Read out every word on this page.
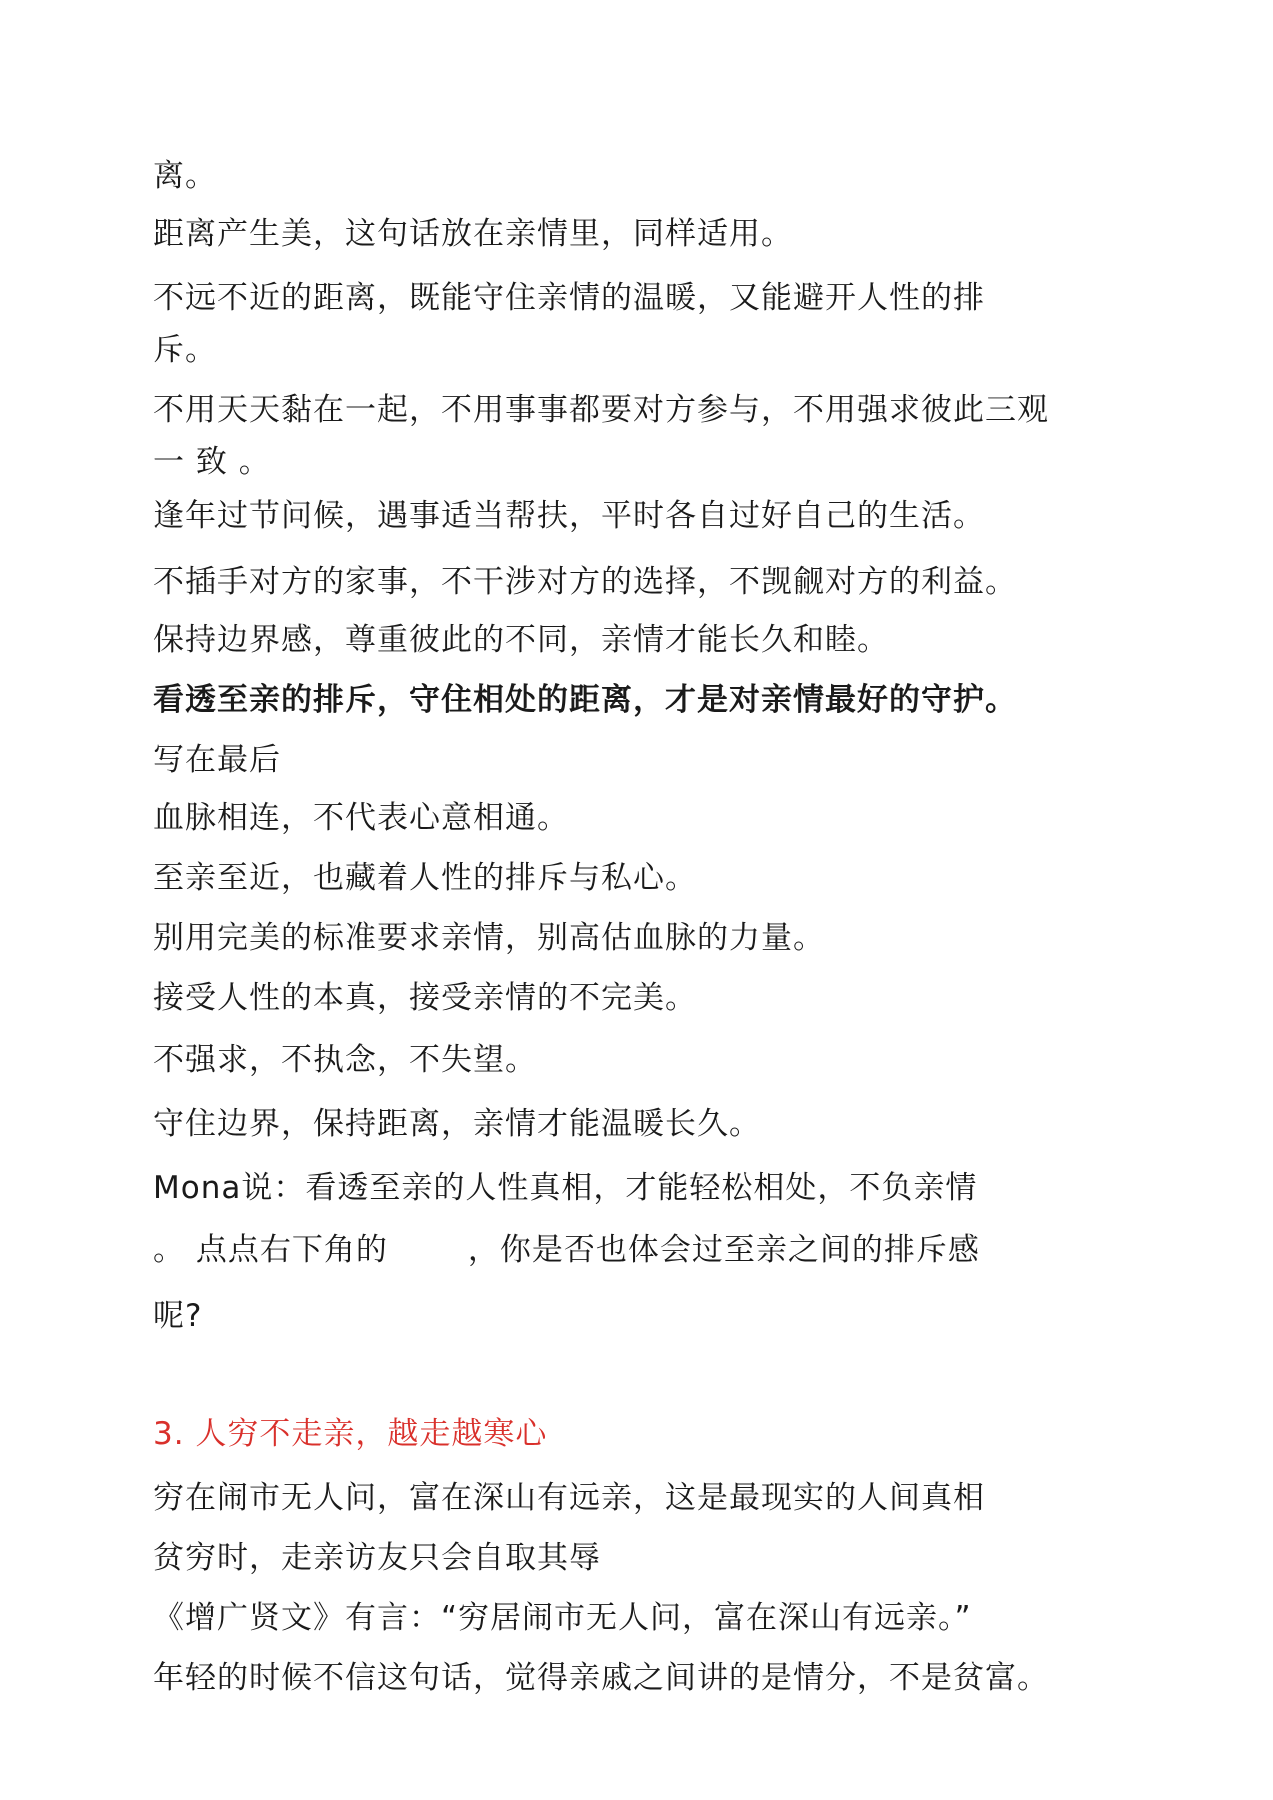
离。
距离产生美，这句话放在亲情里，同样适用。
不远不近的距离，既能守住亲情的温暖，又能避开人性的排
斥。
不用天天黏在一起，不用事事都要对方参与，不用强求彼此三观
一 致 。
逢年过节问候，遇事适当帮扶，平时各自过好自己的生活。
不插手对方的家事，不干涉对方的选择，不觊觎对方的利益。
保持边界感，尊重彼此的不同，亲情才能长久和睦。
看透至亲的排斥，守住相处的距离，才是对亲情最好的守护。
写在最后
血脉相连，不代表心意相通。
至亲至近，也藏着人性的排斥与私心。
别用完美的标准要求亲情，别高估血脉的力量。
接受人性的本真，接受亲情的不完美。
不强求，不执念，不失望。
守住边界，保持距离，亲情才能温暖长久。
Mona说：看透至亲的人性真相，才能轻松相处，不负亲情
。 点点右下角的	，你是否也体会过至亲之间的排斥感
呢?
3. 人穷不走亲，越走越寒心
穷在闹市无人问，富在深山有远亲，这是最现实的人间真相
贫穷时，走亲访友只会自取其辱
《增广贤文》有言：“穷居闹市无人问，富在深山有远亲。”
年轻的时候不信这句话，觉得亲戚之间讲的是情分，不是贫富。
